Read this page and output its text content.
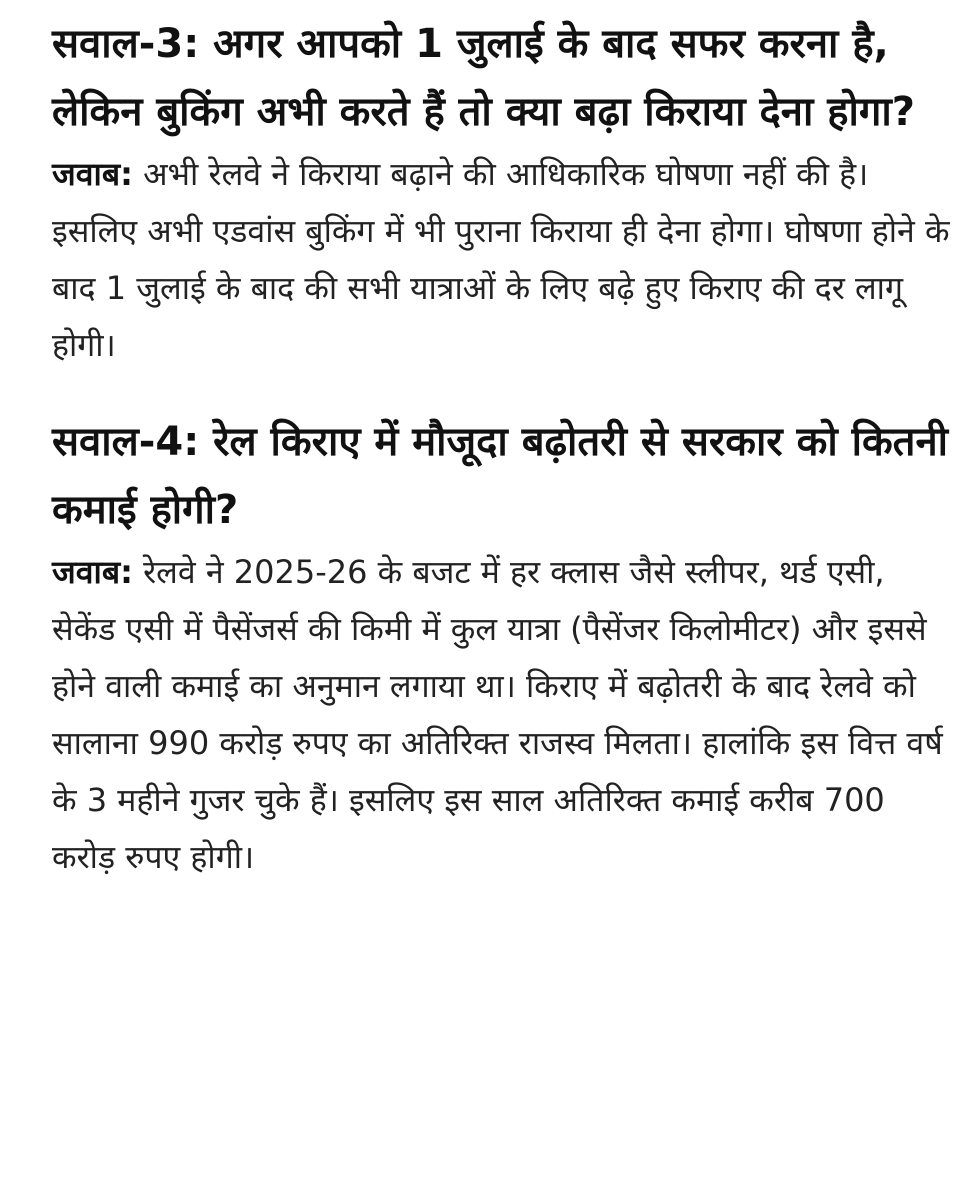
सवाल-3: अगर आपको 1 जुलाई के बाद सफर करना है, लेकिन बुकिंग अभी करते हैं तो क्या बढ़ा किराया देना होगा?

जवाब: अभी रेलवे ने किराया बढ़ाने की आधिकारिक घोषणा नहीं की है। इसलिए अभी एडवांस बुकिंग में भी पुराना किराया ही देना होगा। घोषणा होने के बाद 1 जुलाई के बाद की सभी यात्राओं के लिए बढ़े हुए किराए की दर लागू होगी।

सवाल-4: रेल किराए में मौजूदा बढ़ोतरी से सरकार को कितनी कमाई होगी?

जवाब: रेलवे ने 2025-26 के बजट में हर क्लास जैसे स्लीपर, थर्ड एसी, सेकेंड एसी में पैसेंजर्स की किमी में कुल यात्रा (पैसेंजर किलोमीटर) और इससे होने वाली कमाई का अनुमान लगाया था। किराए में बढ़ोतरी के बाद रेलवे को सालाना 990 करोड़ रुपए का अतिरिक्त राजस्व मिलता। हालांकि इस वित्त वर्ष के 3 महीने गुजर चुके हैं। इसलिए इस साल अतिरिक्त कमाई करीब 700 करोड़ रुपए होगी।
